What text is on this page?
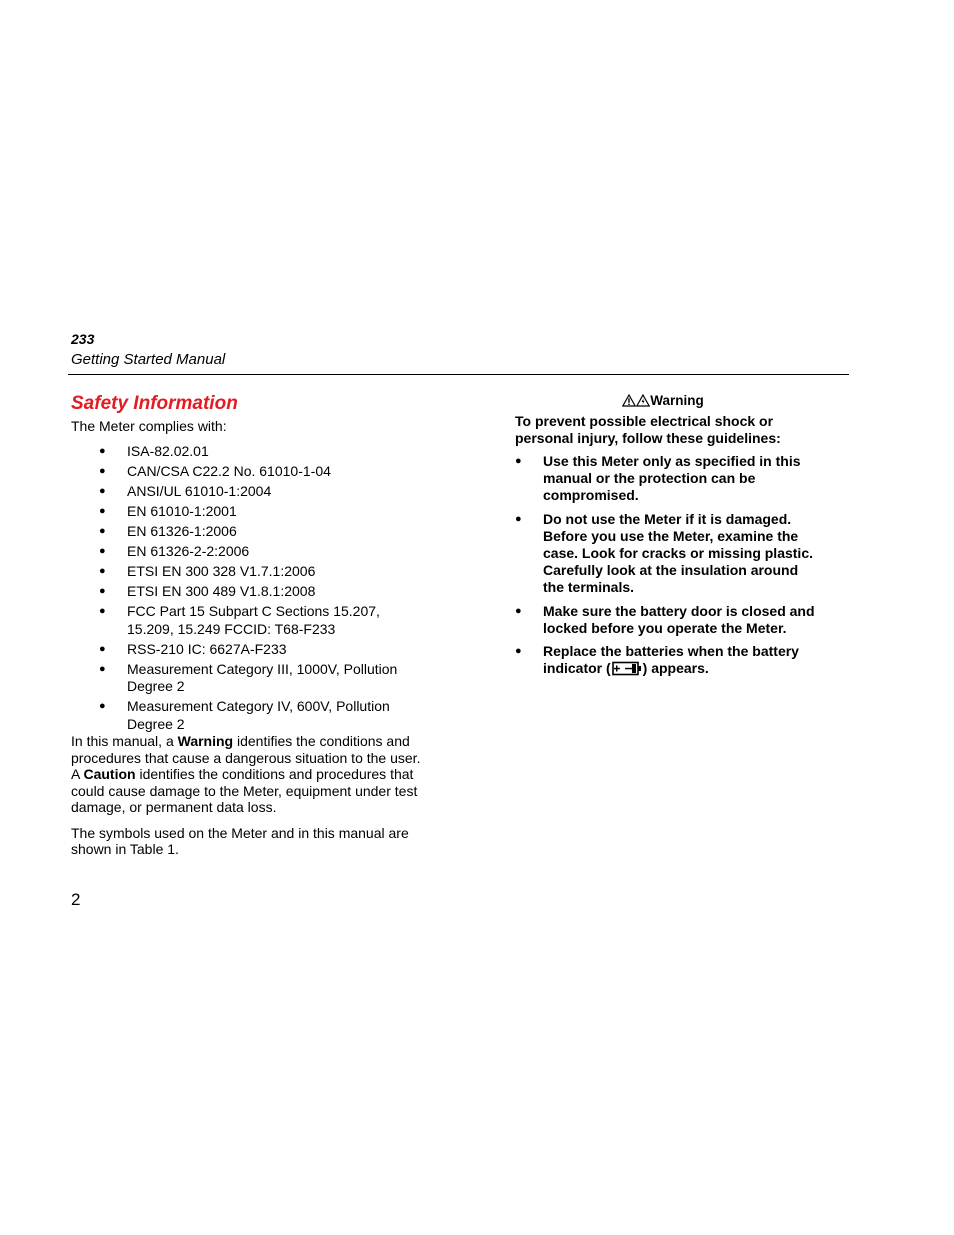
233
Getting Started Manual
Safety Information

The Meter complies with:

● ISA-82.02.01
● CAN/CSA C22.2 No. 61010-1-04
● ANSI/UL 61010-1:2004
● EN 61010-1:2001
● EN 61326-1:2006
● EN 61326-2-2:2006
● ETSI EN 300 328 V1.7.1:2006
● ETSI EN 300 489 V1.8.1:2008
● FCC Part 15 Subpart C Sections 15.207, 15.209, 15.249 FCCID: T68-F233
● RSS-210 IC: 6627A-F233
● Measurement Category III, 1000V, Pollution Degree 2
● Measurement Category IV, 600V, Pollution Degree 2

In this manual, a Warning identifies the conditions and procedures that cause a dangerous situation to the user. A Caution identifies the conditions and procedures that could cause damage to the Meter, equipment under test damage, or permanent data loss.

The symbols used on the Meter and in this manual are shown in Table 1.

Warning

To prevent possible electrical shock or personal injury, follow these guidelines:

● Use this Meter only as specified in this manual or the protection can be compromised.
● Do not use the Meter if it is damaged. Before you use the Meter, examine the case. Look for cracks or missing plastic. Carefully look at the insulation around the terminals.
● Make sure the battery door is closed and locked before you operate the Meter.
● Replace the batteries when the battery indicator ( ) appears.
2
